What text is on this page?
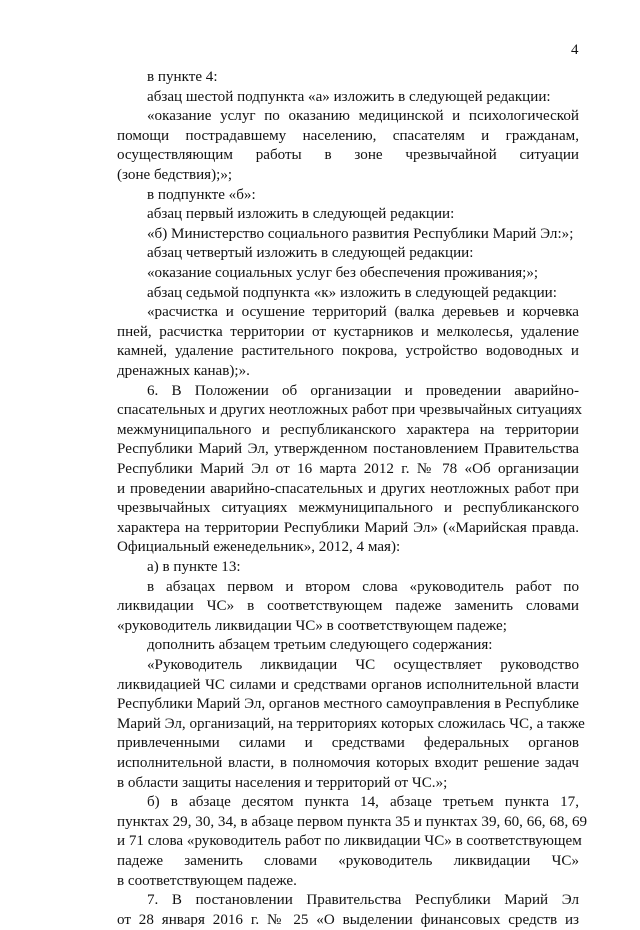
4
в пункте 4:
абзац шестой подпункта «а» изложить в следующей редакции:
«оказание услуг по оказанию медицинской и психологической
помощи пострадавшему населению, спасателям и гражданам,
осуществляющим работы в зоне чрезвычайной ситуации
(зоне бедствия);»;
в подпункте «б»:
абзац первый изложить в следующей редакции:
«б) Министерство социального развития Республики Марий Эл:»;
абзац четвертый изложить в следующей редакции:
«оказание социальных услуг без обеспечения проживания;»;
абзац седьмой подпункта «к» изложить в следующей редакции:
«расчистка и осушение территорий (валка деревьев и корчевка
пней, расчистка территории от кустарников и мелколесья, удаление
камней, удаление растительного покрова, устройство водоводных и
дренажных канав);».
6. В Положении об организации и проведении аварийно-
спасательных и других неотложных работ при чрезвычайных ситуациях
межмуниципального и республиканского характера на территории
Республики Марий Эл, утвержденном постановлением Правительства
Республики Марий Эл от 16 марта 2012 г. № 78 «Об организации
и проведении аварийно-спасательных и других неотложных работ при
чрезвычайных ситуациях межмуниципального и республиканского
характера на территории Республики Марий Эл» («Марийская правда.
Официальный еженедельник», 2012, 4 мая):
а) в пункте 13:
в абзацах первом и втором слова «руководитель работ по
ликвидации ЧС» в соответствующем падеже заменить словами
«руководитель ликвидации ЧС» в соответствующем падеже;
дополнить абзацем третьим следующего содержания:
«Руководитель ликвидации ЧС осуществляет руководство
ликвидацией ЧС силами и средствами органов исполнительной власти
Республики Марий Эл, органов местного самоуправления в Республике
Марий Эл, организаций, на территориях которых сложилась ЧС, а также
привлеченными силами и средствами федеральных органов
исполнительной власти, в полномочия которых входит решение задач
в области защиты населения и территорий от ЧС.»;
б) в абзаце десятом пункта 14, абзаце третьем пункта 17,
пунктах 29, 30, 34, в абзаце первом пункта 35 и пунктах 39, 60, 66, 68, 69
и 71 слова «руководитель работ по ликвидации ЧС» в соответствующем
падеже заменить словами «руководитель ликвидации ЧС»
в соответствующем падеже.
7. В постановлении Правительства Республики Марий Эл
от 28 января 2016 г. № 25 «О выделении финансовых средств из
